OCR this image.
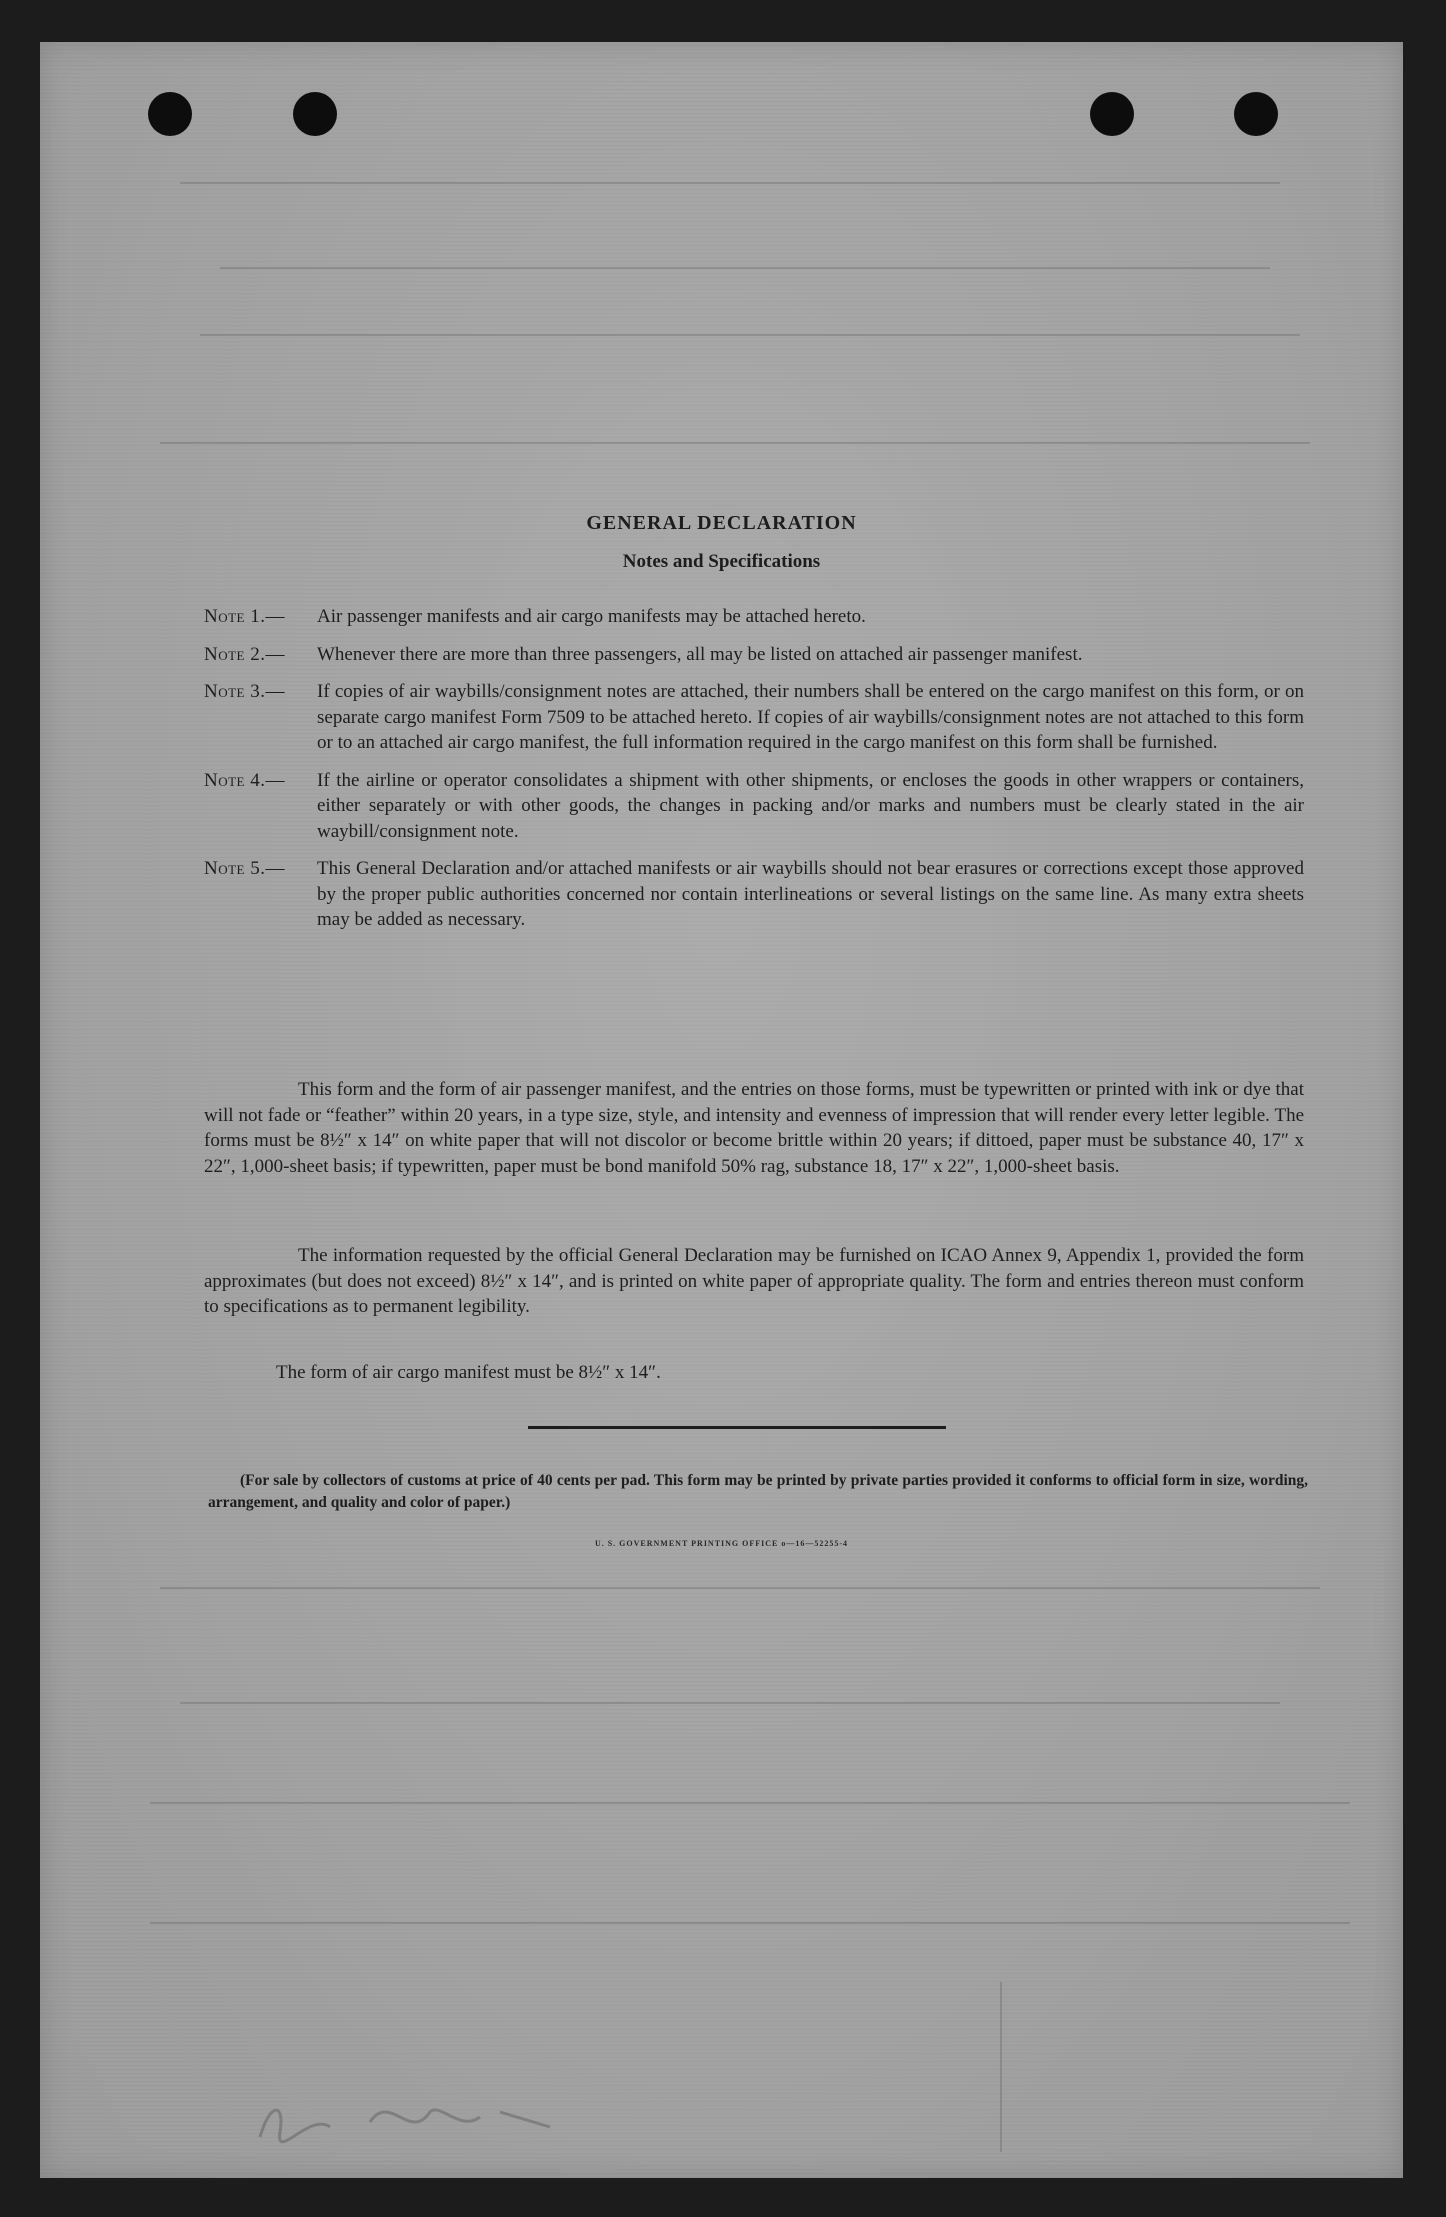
GENERAL DECLARATION
Notes and Specifications
Note 1.—	Air passenger manifests and air cargo manifests may be attached hereto.
Note 2.—	Whenever there are more than three passengers, all may be listed on attached air passenger manifest.
Note 3.—	If copies of air waybills/consignment notes are attached, their numbers shall be entered on the cargo manifest on this form, or on separate cargo manifest Form 7509 to be attached hereto. If copies of air waybills/consignment notes are not attached to this form or to an attached air cargo manifest, the full information required in the cargo manifest on this form shall be furnished.
Note 4.—	If the airline or operator consolidates a shipment with other shipments, or encloses the goods in other wrappers or containers, either separately or with other goods, the changes in packing and/or marks and numbers must be clearly stated in the air waybill/consignment note.
Note 5.—	This General Declaration and/or attached manifests or air waybills should not bear erasures or corrections except those approved by the proper public authorities concerned nor contain interlineations or several listings on the same line. As many extra sheets may be added as necessary.
This form and the form of air passenger manifest, and the entries on those forms, must be typewritten or printed with ink or dye that will not fade or “feather” within 20 years, in a type size, style, and intensity and evenness of impression that will render every letter legible. The forms must be 8½″ x 14″ on white paper that will not discolor or become brittle within 20 years; if dittoed, paper must be substance 40, 17″ x 22″, 1,000-sheet basis; if typewritten, paper must be bond manifold 50% rag, substance 18, 17″ x 22″, 1,000-sheet basis.
The information requested by the official General Declaration may be furnished on ICAO Annex 9, Appendix 1, provided the form approximates (but does not exceed) 8½″ x 14″, and is printed on white paper of appropriate quality. The form and entries thereon must conform to specifications as to permanent legibility.
The form of air cargo manifest must be 8½″ x 14″.
(For sale by collectors of customs at price of 40 cents per pad. This form may be printed by private parties provided it conforms to official form in size, wording, arrangement, and quality and color of paper.)
U. S. GOVERNMENT PRINTING OFFICE o—16—52255-4
